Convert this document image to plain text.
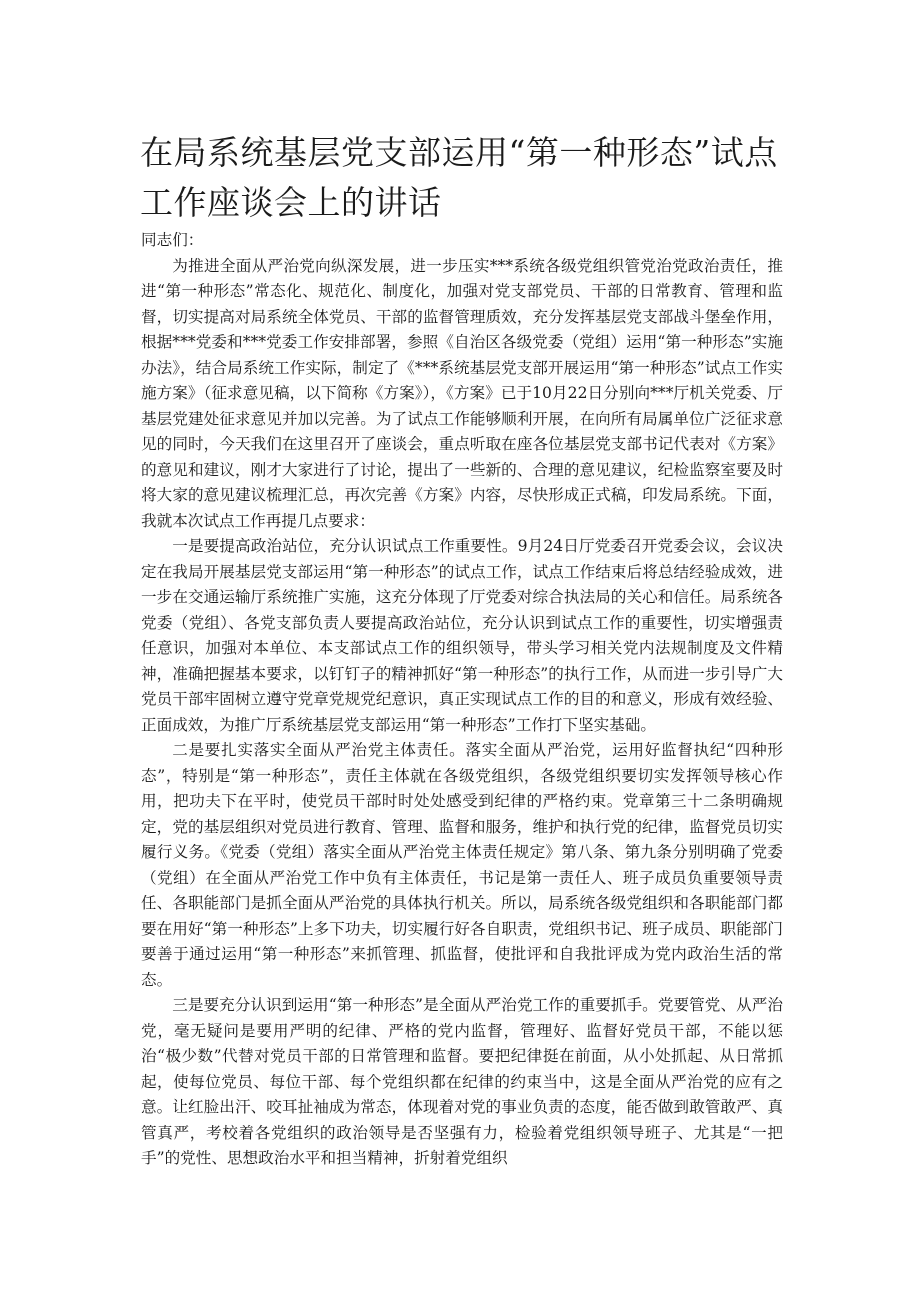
在局系统基层党支部运用“第一种形态”试点工作座谈会上的讲话

同志们：

为推进全面从严治党向纵深发展，进一步压实***系统各级党组织管党治党政治责任，推进“第一种形态”常态化、规范化、制度化，加强对党支部党员、干部的日常教育、管理和监督，切实提高对局系统全体党员、干部的监督管理质效，充分发挥基层党支部战斗堡垒作用，根据***党委和***党委工作安排部署，参照《自治区各级党委（党组）运用“第一种形态”实施办法》，结合局系统工作实际，制定了《***系统基层党支部开展运用“第一种形态”试点工作实施方案》（征求意见稿，以下简称《方案》），《方案》已于10月22日分别向***厅机关党委、厅基层党建处征求意见并加以完善。为了试点工作能够顺利开展，在向所有局属单位广泛征求意见的同时，今天我们在这里召开了座谈会，重点听取在座各位基层党支部书记代表对《方案》的意见和建议，刚才大家进行了讨论，提出了一些新的、合理的意见建议，纪检监察室要及时将大家的意见建议梳理汇总，再次完善《方案》内容，尽快形成正式稿，印发局系统。下面，我就本次试点工作再提几点要求：

一是要提高政治站位，充分认识试点工作重要性。9月24日厅党委召开党委会议，会议决定在我局开展基层党支部运用“第一种形态”的试点工作，试点工作结束后将总结经验成效，进一步在交通运输厅系统推广实施，这充分体现了厅党委对综合执法局的关心和信任。局系统各党委（党组）、各党支部负责人要提高政治站位，充分认识到试点工作的重要性，切实增强责任意识，加强对本单位、本支部试点工作的组织领导，带头学习相关党内法规制度及文件精神，准确把握基本要求，以钉钉子的精神抓好“第一种形态”的执行工作，从而进一步引导广大党员干部牢固树立遵守党章党规党纪意识，真正实现试点工作的目的和意义，形成有效经验、正面成效，为推广厅系统基层党支部运用“第一种形态”工作打下坚实基础。

二是要扎实落实全面从严治党主体责任。落实全面从严治党，运用好监督执纪“四种形态”，特别是“第一种形态”，责任主体就在各级党组织，各级党组织要切实发挥领导核心作用，把功夫下在平时，使党员干部时时处处感受到纪律的严格约束。党章第三十二条明确规定，党的基层组织对党员进行教育、管理、监督和服务，维护和执行党的纪律，监督党员切实履行义务。《党委（党组）落实全面从严治党主体责任规定》第八条、第九条分别明确了党委（党组）在全面从严治党工作中负有主体责任，书记是第一责任人、班子成员负重要领导责任、各职能部门是抓全面从严治党的具体执行机关。所以，局系统各级党组织和各职能部门都要在用好“第一种形态”上多下功夫，切实履行好各自职责，党组织书记、班子成员、职能部门要善于通过运用“第一种形态”来抓管理、抓监督，使批评和自我批评成为党内政治生活的常态。

三是要充分认识到运用“第一种形态”是全面从严治党工作的重要抓手。党要管党、从严治党，毫无疑问是要用严明的纪律、严格的党内监督，管理好、监督好党员干部，不能以惩治“极少数”代替对党员干部的日常管理和监督。要把纪律挺在前面，从小处抓起、从日常抓起，使每位党员、每位干部、每个党组织都在纪律的约束当中，这是全面从严治党的应有之意。让红脸出汗、咬耳扯袖成为常态，体现着对党的事业负责的态度，能否做到敢管敢严、真管真严，考校着各党组织的政治领导是否坚强有力，检验着党组织领导班子、尤其是“一把手”的党性、思想政治水平和担当精神，折射着党组织
